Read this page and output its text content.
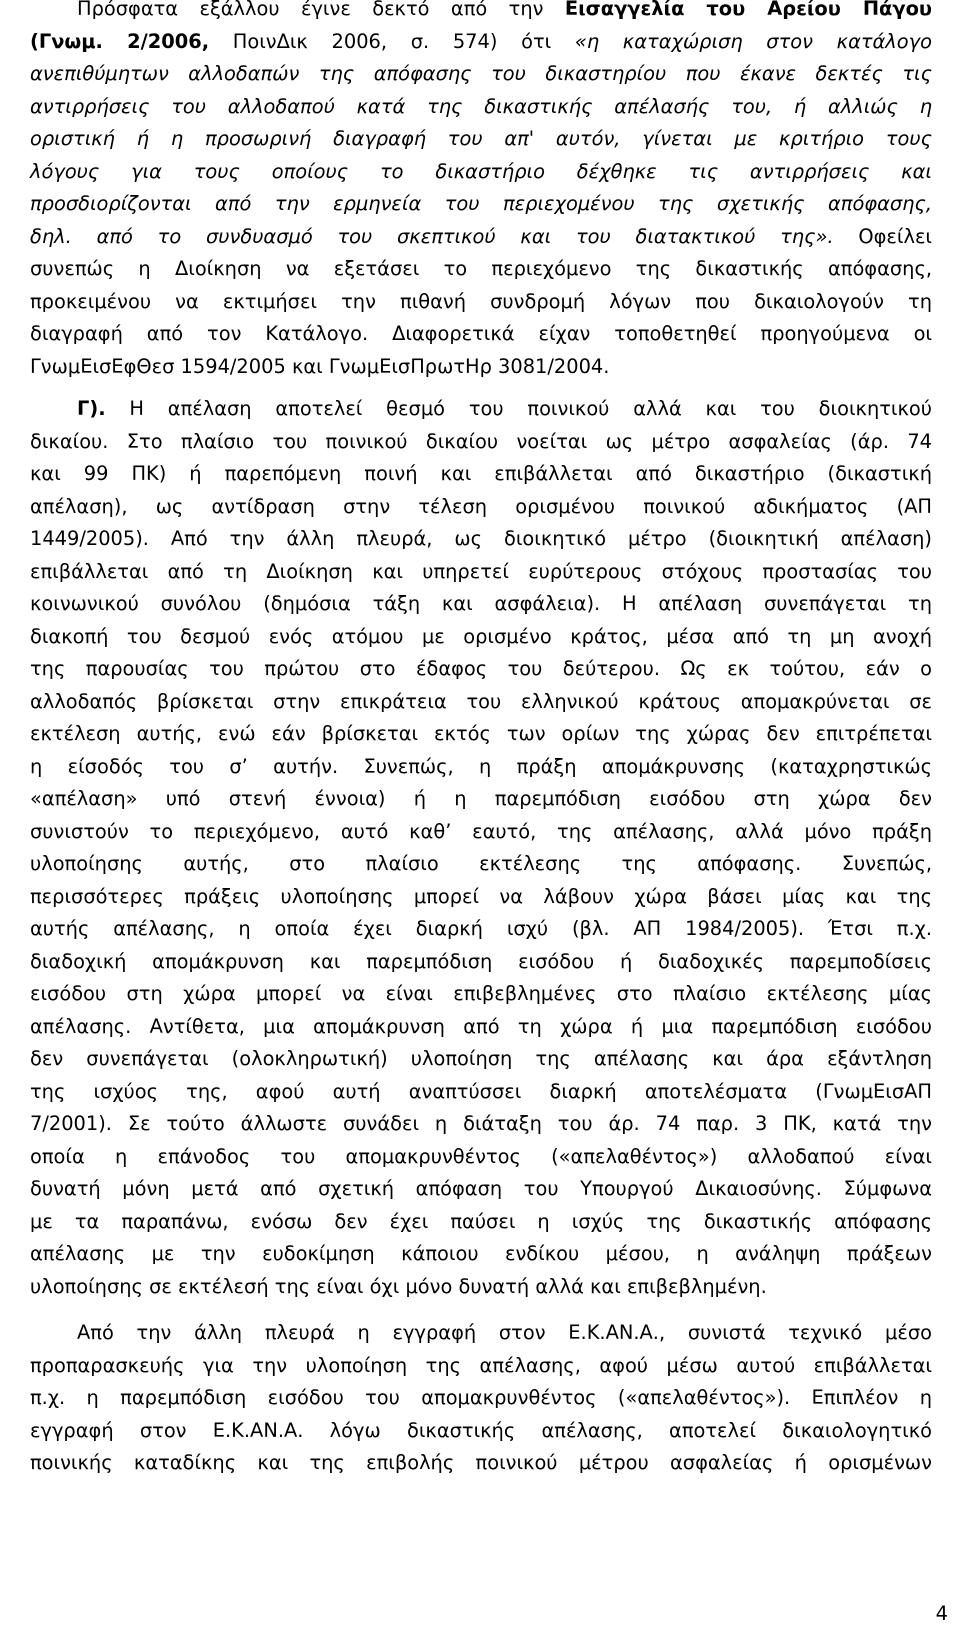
Πρόσφατα εξάλλου έγινε δεκτό από την Εισαγγελία του Αρείου Πάγου
(Γνωμ. 2/2006, ΠοινΔικ 2006, σ. 574) ότι «η καταχώριση στον κατάλογο
ανεπιθύμητων αλλοδαπών της απόφασης του δικαστηρίου που έκανε δεκτές τις
αντιρρήσεις του αλλοδαπού κατά της δικαστικής απέλασής του, ή αλλιώς η
οριστική ή η προσωρινή διαγραφή του απ' αυτόν, γίνεται με κριτήριο τους
λόγους για τους οποίους το δικαστήριο δέχθηκε τις αντιρρήσεις και
προσδιορίζονται από την ερμηνεία του περιεχομένου της σχετικής απόφασης,
δηλ. από το συνδυασμό του σκεπτικού και του διατακτικού της». Οφείλει
συνεπώς η Διοίκηση να εξετάσει το περιεχόμενο της δικαστικής απόφασης,
προκειμένου να εκτιμήσει την πιθανή συνδρομή λόγων που δικαιολογούν τη
διαγραφή από τον Κατάλογο. Διαφορετικά είχαν τοποθετηθεί προηγούμενα οι
ΓνωμΕισΕφΘεσ 1594/2005 και ΓνωμΕισΠρωτΗρ 3081/2004.
Γ). Η απέλαση αποτελεί θεσμό του ποινικού αλλά και του διοικητικού
δικαίου. Στο πλαίσιο του ποινικού δικαίου νοείται ως μέτρο ασφαλείας (άρ. 74
και 99 ΠΚ) ή παρεπόμενη ποινή και επιβάλλεται από δικαστήριο (δικαστική
απέλαση), ως αντίδραση στην τέλεση ορισμένου ποινικού αδικήματος (ΑΠ
1449/2005). Από την άλλη πλευρά, ως διοικητικό μέτρο (διοικητική απέλαση)
επιβάλλεται από τη Διοίκηση και υπηρετεί ευρύτερους στόχους προστασίας του
κοινωνικού συνόλου (δημόσια τάξη και ασφάλεια). Η απέλαση συνεπάγεται τη
διακοπή του δεσμού ενός ατόμου με ορισμένο κράτος, μέσα από τη μη ανοχή
της παρουσίας του πρώτου στο έδαφος του δεύτερου. Ως εκ τούτου, εάν ο
αλλοδαπός βρίσκεται στην επικράτεια του ελληνικού κράτους απομακρύνεται σε
εκτέλεση αυτής, ενώ εάν βρίσκεται εκτός των ορίων της χώρας δεν επιτρέπεται
η είσοδός του σ’ αυτήν. Συνεπώς, η πράξη απομάκρυνσης (καταχρηστικώς
«απέλαση» υπό στενή έννοια) ή η παρεμπόδιση εισόδου στη χώρα δεν
συνιστούν το περιεχόμενο, αυτό καθ’ εαυτό, της απέλασης, αλλά μόνο πράξη
υλοποίησης αυτής, στο πλαίσιο εκτέλεσης της απόφασης. Συνεπώς,
περισσότερες πράξεις υλοποίησης μπορεί να λάβουν χώρα βάσει μίας και της
αυτής απέλασης, η οποία έχει διαρκή ισχύ (βλ. ΑΠ 1984/2005). Έτσι π.χ.
διαδοχική απομάκρυνση και παρεμπόδιση εισόδου ή διαδοχικές παρεμποδίσεις
εισόδου στη χώρα μπορεί να είναι επιβεβλημένες στο πλαίσιο εκτέλεσης μίας
απέλασης. Αντίθετα, μια απομάκρυνση από τη χώρα ή μια παρεμπόδιση εισόδου
δεν συνεπάγεται (ολοκληρωτική) υλοποίηση της απέλασης και άρα εξάντληση
της ισχύος της, αφού αυτή αναπτύσσει διαρκή αποτελέσματα (ΓνωμΕισΑΠ
7/2001). Σε τούτο άλλωστε συνάδει η διάταξη του άρ. 74 παρ. 3 ΠΚ, κατά την
οποία η επάνοδος του απομακρυνθέντος («απελαθέντος») αλλοδαπού είναι
δυνατή μόνη μετά από σχετική απόφαση του Υπουργού Δικαιοσύνης. Σύμφωνα
με τα παραπάνω, ενόσω δεν έχει παύσει η ισχύς της δικαστικής απόφασης
απέλασης με την ευδοκίμηση κάποιου ενδίκου μέσου, η ανάληψη πράξεων
υλοποίησης σε εκτέλεσή της είναι όχι μόνο δυνατή αλλά και επιβεβλημένη.
Από την άλλη πλευρά η εγγραφή στον Ε.Κ.ΑΝ.Α., συνιστά τεχνικό μέσο
προπαρασκευής για την υλοποίηση της απέλασης, αφού μέσω αυτού επιβάλλεται
π.χ. η παρεμπόδιση εισόδου του απομακρυνθέντος («απελαθέντος»). Επιπλέον η
εγγραφή στον Ε.Κ.ΑΝ.Α. λόγω δικαστικής απέλασης, αποτελεί δικαιολογητικό
ποινικής καταδίκης και της επιβολής ποινικού μέτρου ασφαλείας ή ορισμένων
4
